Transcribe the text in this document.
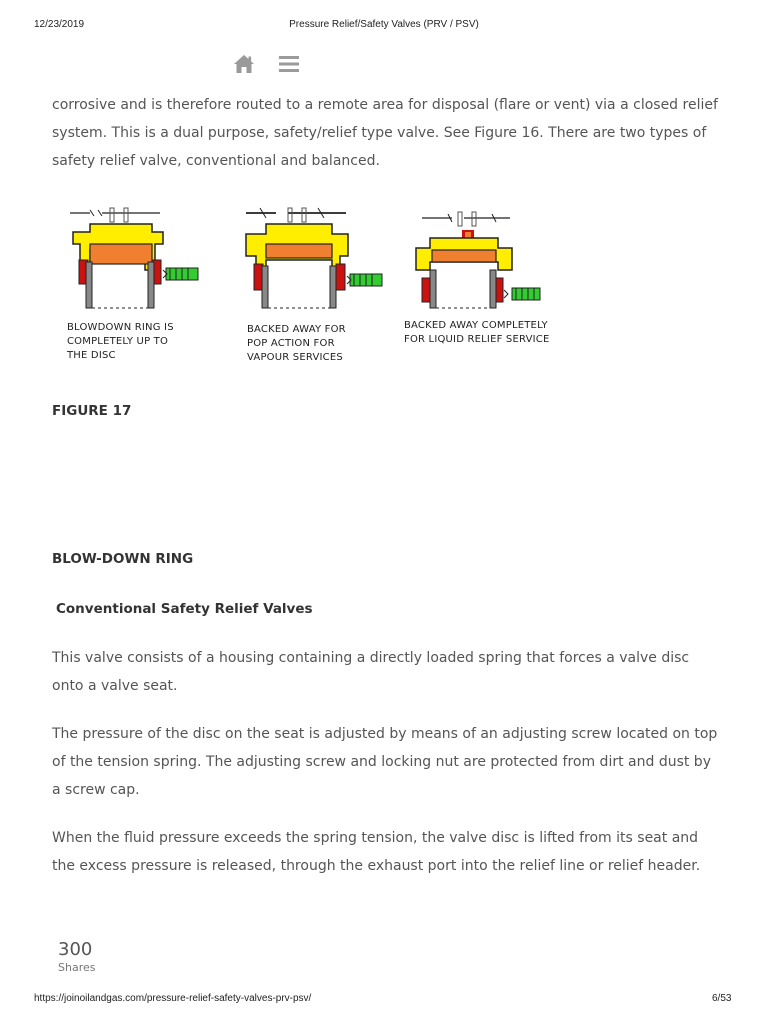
12/23/2019	Pressure Relief/Safety Valves (PRV / PSV)
corrosive and is therefore routed to a remote area for disposal (flare or vent) via a closed relief system. This is a dual purpose, safety/relief type valve. See Figure 16. There are two types of safety relief valve, conventional and balanced.
BLOWDOWN RING IS
COMPLETELY UP TO
THE DISC
BACKED AWAY FOR
POP ACTION FOR
VAPOUR SERVICES
BACKED AWAY COMPLETELY
FOR LIQUID RELIEF SERVICE
FIGURE 17
BLOW-DOWN RING
Conventional Safety Relief Valves
This valve consists of a housing containing a directly loaded spring that forces a valve disc onto a valve seat.
The pressure of the disc on the seat is adjusted by means of an adjusting screw located on top of the tension spring. The adjusting screw and locking nut are protected from dirt and dust by a screw cap.
When the fluid pressure exceeds the spring tension, the valve disc is lifted from its seat and the excess pressure is released, through the exhaust port into the relief line or relief header.
300
Shares
https://joinoilandgas.com/pressure-relief-safety-valves-prv-psv/	6/53
